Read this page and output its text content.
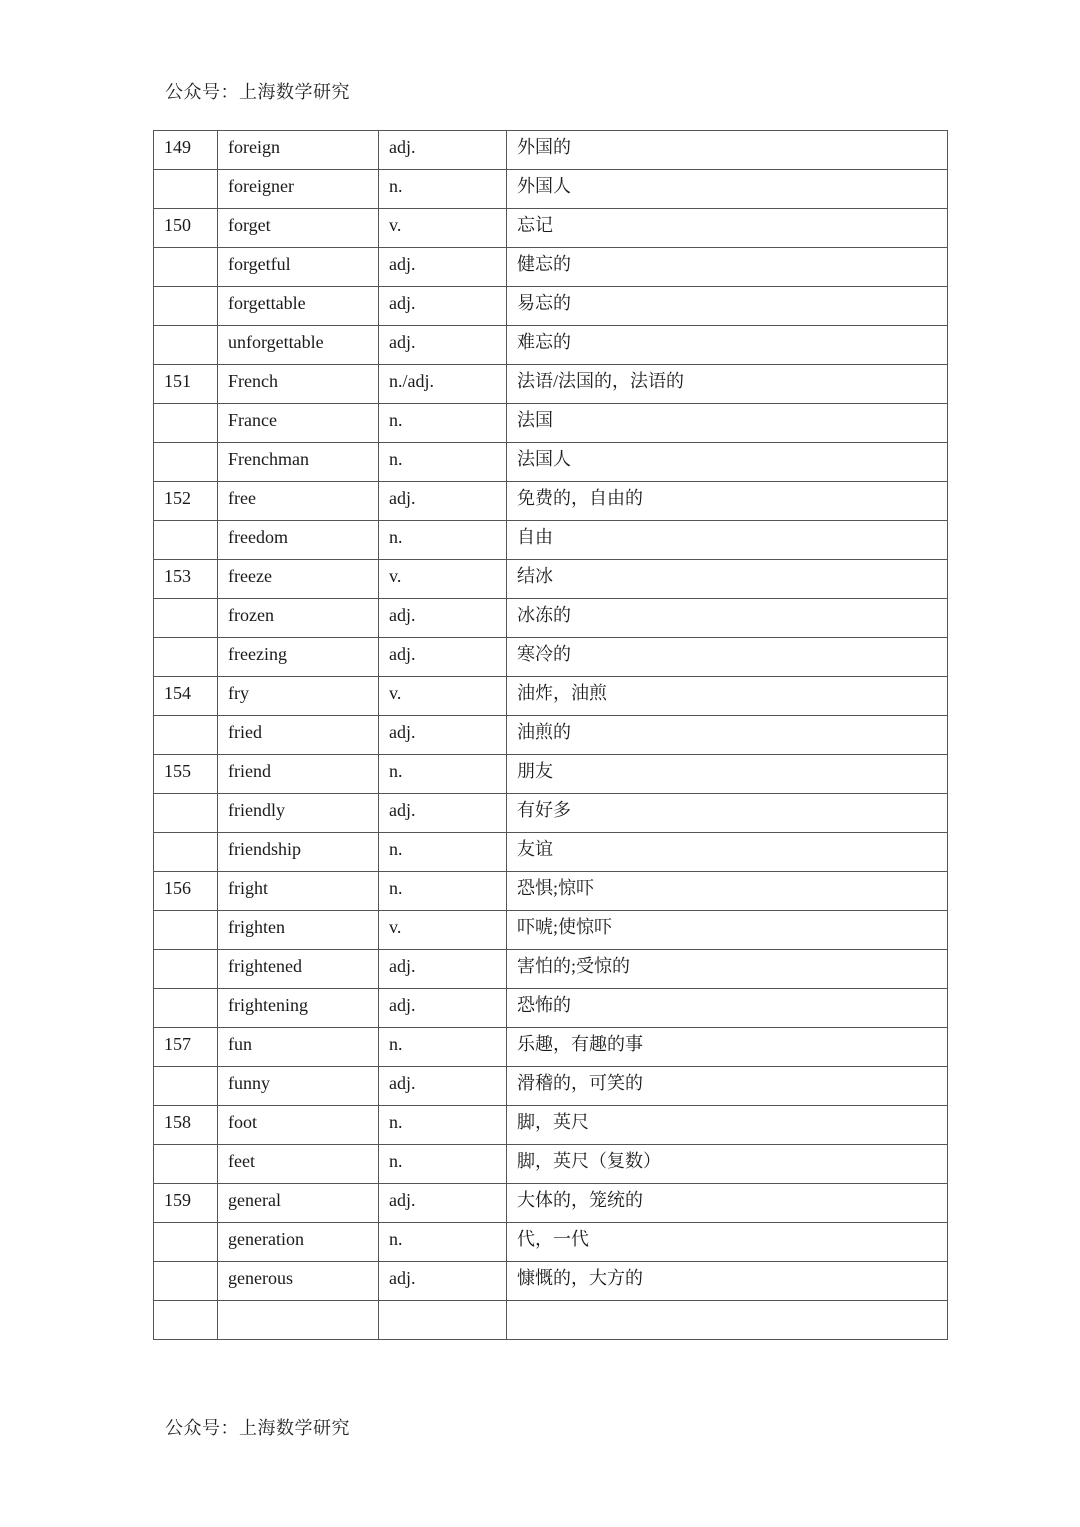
公众号：上海数学研究
149	foreign	adj.	外国的

	foreigner	n.	外国人

150	forget	v.	忘记

	forgetful	adj.	健忘的

	forgettable	adj.	易忘的

	unforgettable	adj.	难忘的

151	French	n./adj.	法语/法国的，法语的

	France	n.	法国

	Frenchman	n.	法国人

152	free	adj.	免费的，自由的

	freedom	n.	自由

153	freeze	v.	结冰

	frozen	adj.	冰冻的

	freezing	adj.	寒冷的

154	fry	v.	油炸，油煎

	fried	adj.	油煎的

155	friend	n.	朋友

	friendly	adj.	有好多

	friendship	n.	友谊

156	fright	n.	恐惧;惊吓

	frighten	v.	吓唬;使惊吓

	frightened	adj.	害怕的;受惊的

	frightening	adj.	恐怖的

157	fun	n.	乐趣，有趣的事

	funny	adj.	滑稽的，可笑的

158	foot	n.	脚，英尺

	feet	n.	脚，英尺（复数）

159	general	adj.	大体的，笼统的

	generation	n.	代，一代

	generous	adj.	慷慨的，大方的

公众号：上海数学研究
